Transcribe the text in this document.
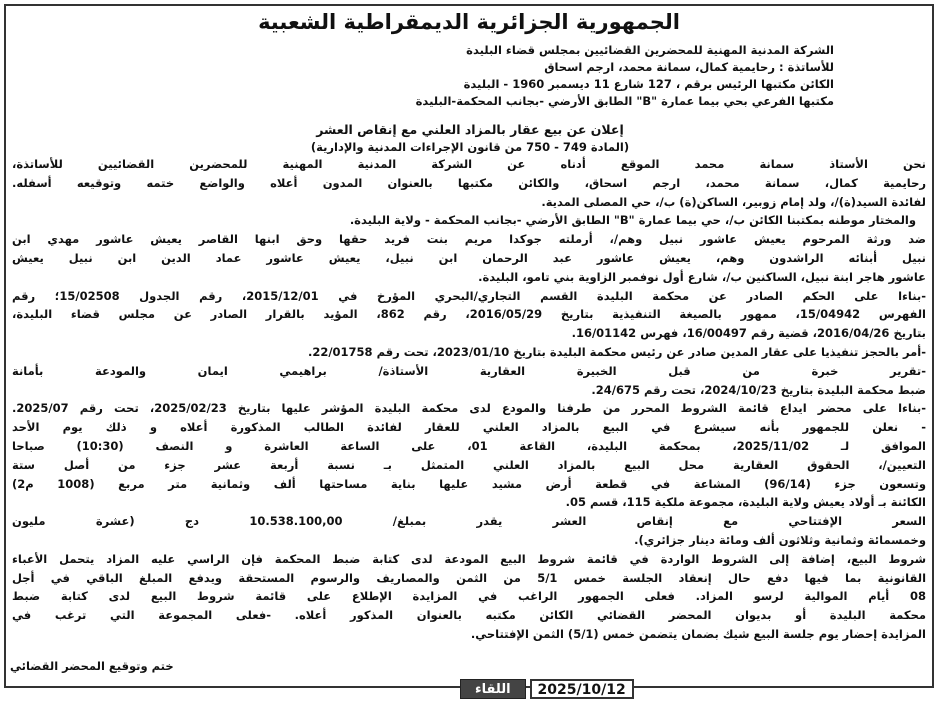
الجمهورية الجزائرية الديمقراطية الشعبية
الشركة المدنية المهنية للمحضرين القضائيين بمجلس قضاء البليدة
للأساتذة : رحايمية كمال، سمانة محمد، ارجم اسحاق
الكائن مكتبها الرئيس برقم ، 127 شارع 11 ديسمبر 1960 - البليدة
مكتبها الفرعي بحي بيما عمارة "B" الطابق الأرضي -بجانب المحكمة-البليدة
إعلان عن بيع عقار بالمزاد العلني مع إنقاص العشر
(المادة 749 - 750 من قانون الإجراءات المدنية والإدارية)
نحن الأستاذ سمانة محمد الموقع أدناه عن الشركة المدنية المهنية للمحضرين القضائيين للأساتذة،
رحايمية كمال، سمانة محمد، ارجم اسحاق، والكائن مكتبها بالعنوان المدون أعلاه والواضع ختمه وتوقيعه أسفله.
لفائدة السيد(ة)/، ولد إمام زوبير، الساكن(ة) ب/، حي المصلى المدية.
والمختار موطنه بمكتبنا الكائن ب/، حي بيما عمارة "B" الطابق الأرضي -بجانب المحكمة - ولاية البليدة.
ضد ورثة المرحوم يعيش عاشور نبيل وهم/، أرملته جوكدا مريم بنت فريد حقها وحق ابنها القاصر يعيش عاشور مهدي ابن
نبيل أبنائه الراشدون وهم، يعيش عاشور عبد الرحمان ابن نبيل، يعيش عاشور عماد الدين ابن نبيل يعيش
عاشور هاجر ابنة نبيل، الساكنين ب/، شارع أول نوفمبر الزاوية بني تامو، البليدة.
-بناءا على الحكم الصادر عن محكمة البليدة القسم التجاري/البحري المؤرخ في 2015/12/01، رقم الجدول 15/02508؛ رقم
الفهرس 15/04942، ممهور بالصيغة التنفيذية بتاريخ 2016/05/29، رقم 862، المؤيد بالقرار الصادر عن مجلس قضاء البليدة،
بتاريخ 2016/04/26، قضية رقم 16/00497، فهرس 16/01142.
-أمر بالحجز تنفيذيا على عقار المدين صادر عن رئيس محكمة البليدة بتاريخ 2023/01/10، تحت رقم 22/01758.
-تقرير خبرة من قبل الخبيرة العقارية الأستاذة/ براهيمي ايمان والمودعة بأمانة
ضبط محكمة البليدة بتاريخ 2024/10/23، تحت رقم 24/675.
-بناءا على محضر ايداع قائمة الشروط المحرر من طرفنا والمودع لدى محكمة البليدة المؤشر عليها بتاريخ 2025/02/23، تحت رقم 2025/07.
- نعلن للجمهور بأنه سيشرع في البيع بالمزاد العلني للعقار لفائدة الطالب المذكورة أعلاه و ذلك يوم الأحد
الموافق لـ 2025/11/02، بمحكمة البليدة، القاعة 01، على الساعة العاشرة و النصف (10:30) صباحا
التعيين/، الحقوق العقارية محل البيع بالمزاد العلني المتمثل بـ نسبة أربعة عشر جزء من أصل ستة
وتسعون جزء (96/14) المشاعة في قطعة أرض مشيد عليها بناية مساحتها ألف وثمانية متر مربع (1008 م2)
الكائنة بـ أولاد يعيش ولاية البليدة، مجموعة ملكية 115، قسم 05.
السعر الإفتتاحي مع إنقاص العشر يقدر بمبلغ/ 10.538.100,00 دج (عشرة مليون
وخمسمائة وثمانية وثلاثون ألف ومائة دينار جزائري).
شروط البيع، إضافة إلى الشروط الواردة في قائمة شروط البيع المودعة لدى كتابة ضبط المحكمة فإن الراسي عليه المزاد يتحمل الأعباء
القانونية بما فيها دفع حال إنعقاد الجلسة خمس 5/1 من الثمن والمصاريف والرسوم المستحقة ويدفع المبلغ الباقي في أجل
08 أيام الموالية لرسو المزاد. فعلى الجمهور الراغب في المزايدة الإطلاع على قائمة شروط البيع لدى كتابة ضبط
محكمة البليدة أو بديوان المحضر القضائي الكائن مكتبه بالعنوان المذكور أعلاه. -فعلى المجموعة التي ترغب في
المزايدة إحضار يوم جلسة البيع شيك بضمان يتضمن خمس (5/1) الثمن الإفتتاحي.
ختم وتوقيع المحضر القضائي
اللقاء	2025/10/12
